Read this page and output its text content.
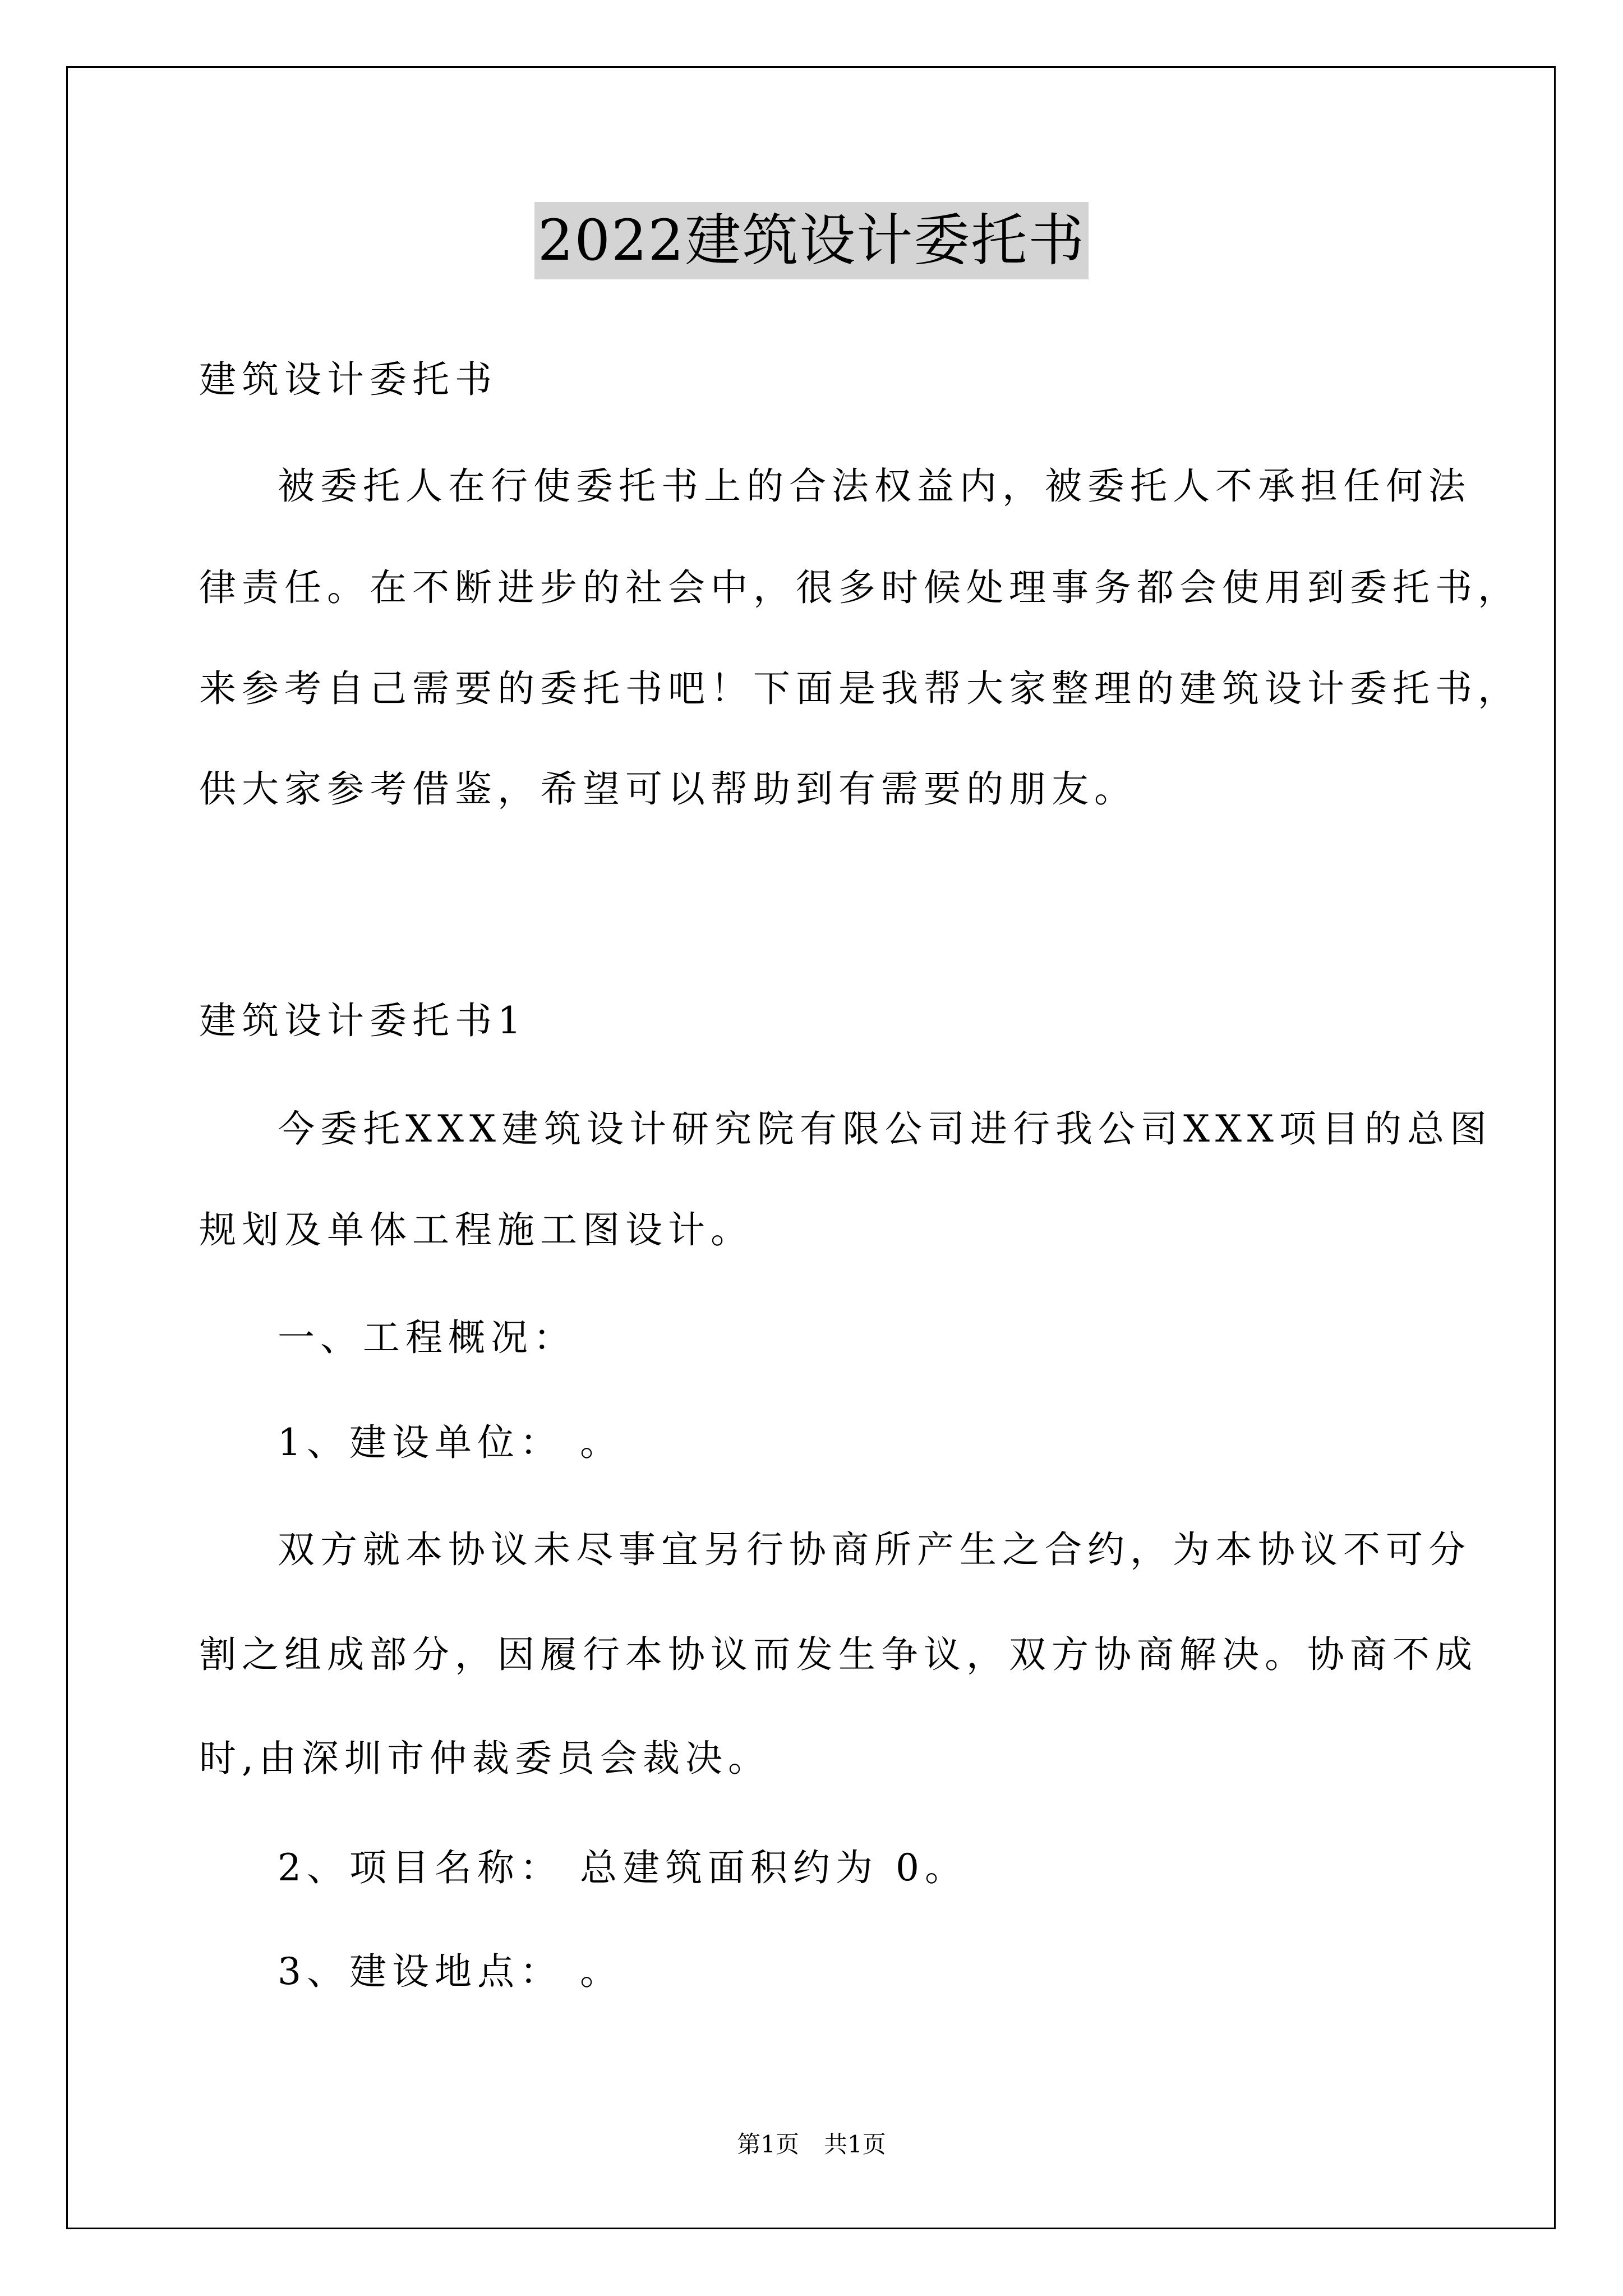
2022建筑设计委托书
建筑设计委托书
被委托人在行使委托书上的合法权益内，被委托人不承担任何法
律责任。在不断进步的社会中，很多时候处理事务都会使用到委托书，
来参考自己需要的委托书吧！下面是我帮大家整理的建筑设计委托书，
供大家参考借鉴，希望可以帮助到有需要的朋友。
建筑设计委托书1
今委托XXX建筑设计研究院有限公司进行我公司XXX项目的总图
规划及单体工程施工图设计。
一、工程概况：
1、建设单位： 。
双方就本协议未尽事宜另行协商所产生之合约，为本协议不可分
割之组成部分，因履行本协议而发生争议，双方协商解决。协商不成
时,由深圳市仲裁委员会裁决。
2、项目名称： 总建筑面积约为 0。
3、建设地点： 。
第1页 共1页
